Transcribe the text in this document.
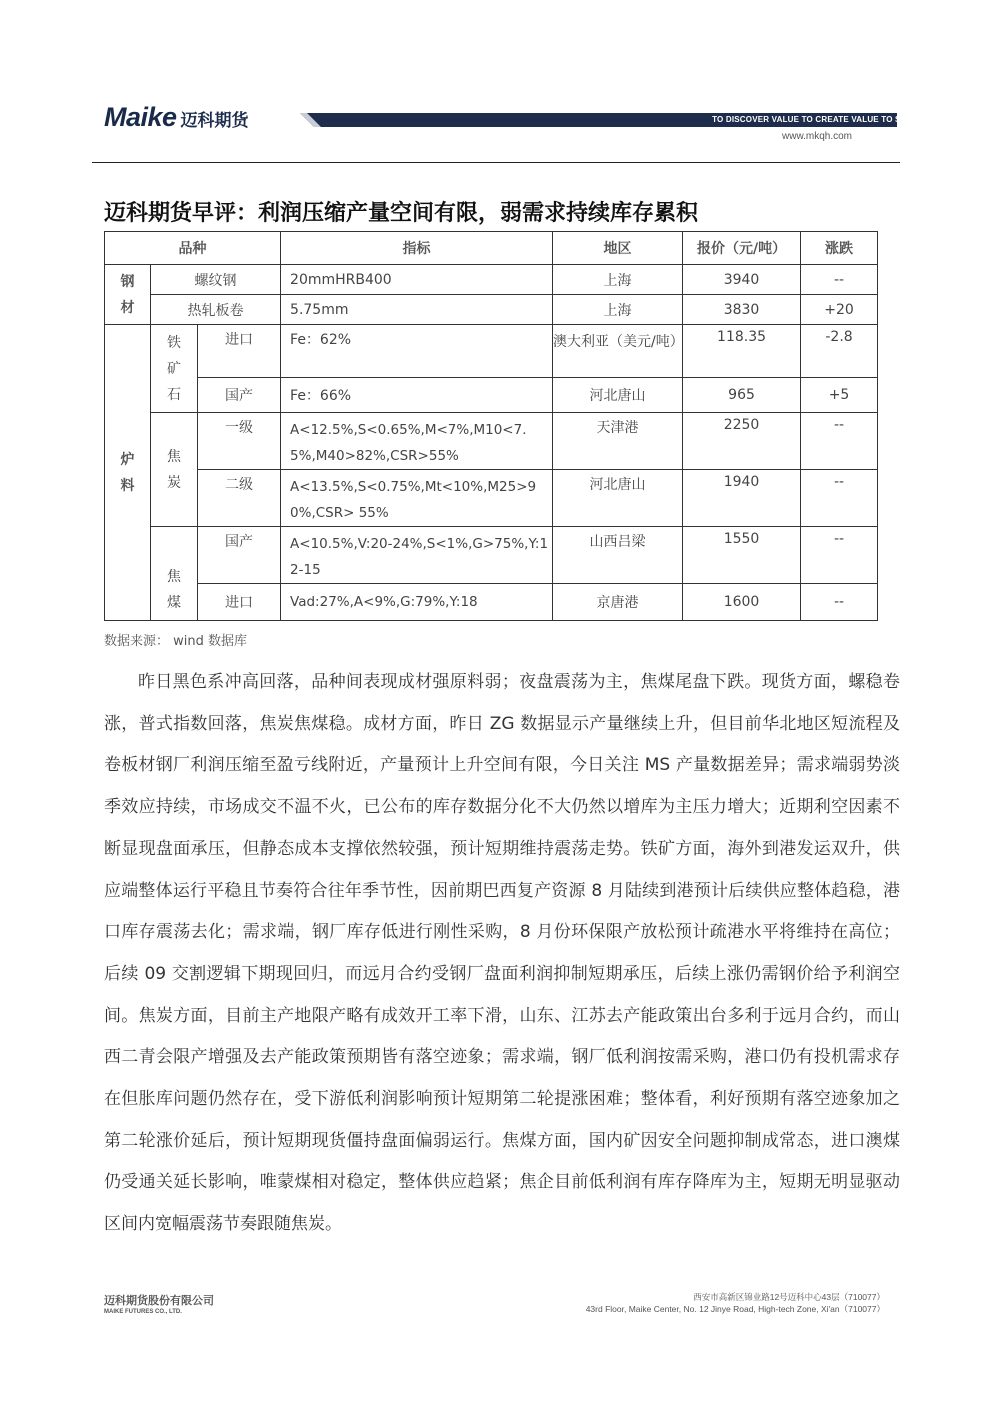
Maike 迈科期货	TO DISCOVER VALUE TO CREATE VALUE TO SHARE VALUE
www.mkqh.com
迈科期货早评：利润压缩产量空间有限，弱需求持续库存累积
品种			指标	地区	报价（元/吨）	涨跌
钢材	螺纹钢		20mmHRB400	上海	3940	--
	热轧板卷		5.75mm	上海	3830	+20
炉料	铁矿石	进口	Fe：62%	澳大利亚（美元/吨）	118.35	-2.8
		国产	Fe：66%	河北唐山	965	+5
	焦炭	一级	A<12.5%,S<0.65%,M<7%,M10<7.5%,M40>82%,CSR>55%	天津港	2250	--
		二级	A<13.5%,S<0.75%,Mt<10%,M25>90%,CSR> 55%	河北唐山	1940	--
	焦煤	国产	A<10.5%,V:20-24%,S<1%,G>75%,Y:12-15	山西吕梁	1550	--
		进口	Vad:27%,A<9%,G:79%,Y:18	京唐港	1600	--
数据来源： wind 数据库

昨日黑色系冲高回落，品种间表现成材强原料弱；夜盘震荡为主，焦煤尾盘下跌。现货方面，螺稳卷涨，普式指数回落，焦炭焦煤稳。成材方面，昨日 ZG 数据显示产量继续上升，但目前华北地区短流程及卷板材钢厂利润压缩至盈亏线附近，产量预计上升空间有限，今日关注 MS 产量数据差异；需求端弱势淡季效应持续，市场成交不温不火，已公布的库存数据分化不大仍然以增库为主压力增大；近期利空因素不断显现盘面承压，但静态成本支撑依然较强，预计短期维持震荡走势。铁矿方面，海外到港发运双升，供应端整体运行平稳且节奏符合往年季节性，因前期巴西复产资源 8 月陆续到港预计后续供应整体趋稳，港口库存震荡去化；需求端，钢厂库存低进行刚性采购，8 月份环保限产放松预计疏港水平将维持在高位；后续 09 交割逻辑下期现回归，而远月合约受钢厂盘面利润抑制短期承压，后续上涨仍需钢价给予利润空间。焦炭方面，目前主产地限产略有成效开工率下滑，山东、江苏去产能政策出台多利于远月合约，而山西二青会限产增强及去产能政策预期皆有落空迹象；需求端，钢厂低利润按需采购，港口仍有投机需求存在但胀库问题仍然存在，受下游低利润影响预计短期第二轮提涨困难；整体看，利好预期有落空迹象加之第二轮涨价延后，预计短期现货僵持盘面偏弱运行。焦煤方面，国内矿因安全问题抑制成常态，进口澳煤仍受通关延长影响，唯蒙煤相对稳定，整体供应趋紧；焦企目前低利润有库存降库为主，短期无明显驱动区间内宽幅震荡节奏跟随焦炭。

迈科期货股份有限公司
MAIKE FUTURES CO., LTD.
西安市高新区锦业路12号迈科中心43层（710077）
43rd Floor, Maike Center, No. 12 Jinye Road, High-tech Zone, Xi'an（710077）
